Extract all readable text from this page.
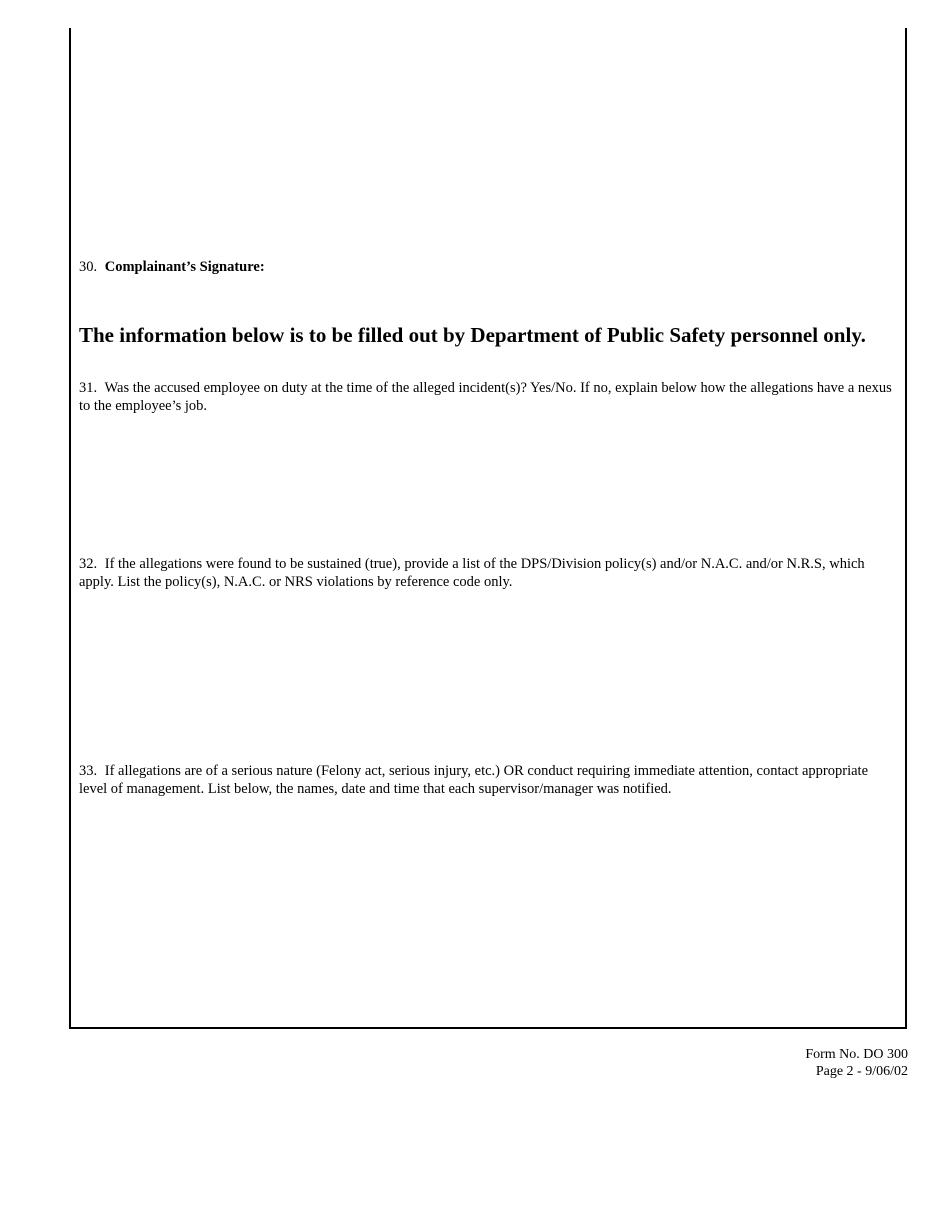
30. Complainant’s Signature:
The information below is to be filled out by Department of Public Safety personnel only.
31. Was the accused employee on duty at the time of the alleged incident(s)? Yes/No. If no, explain below how the allegations have a nexus to the employee’s job.
32. If the allegations were found to be sustained (true), provide a list of the DPS/Division policy(s) and/or N.A.C. and/or N.R.S, which apply. List the policy(s), N.A.C. or NRS violations by reference code only.
33. If allegations are of a serious nature (Felony act, serious injury, etc.) OR conduct requiring immediate attention, contact appropriate level of management. List below, the names, date and time that each supervisor/manager was notified.
Form No. DO 300
Page 2 - 9/06/02
